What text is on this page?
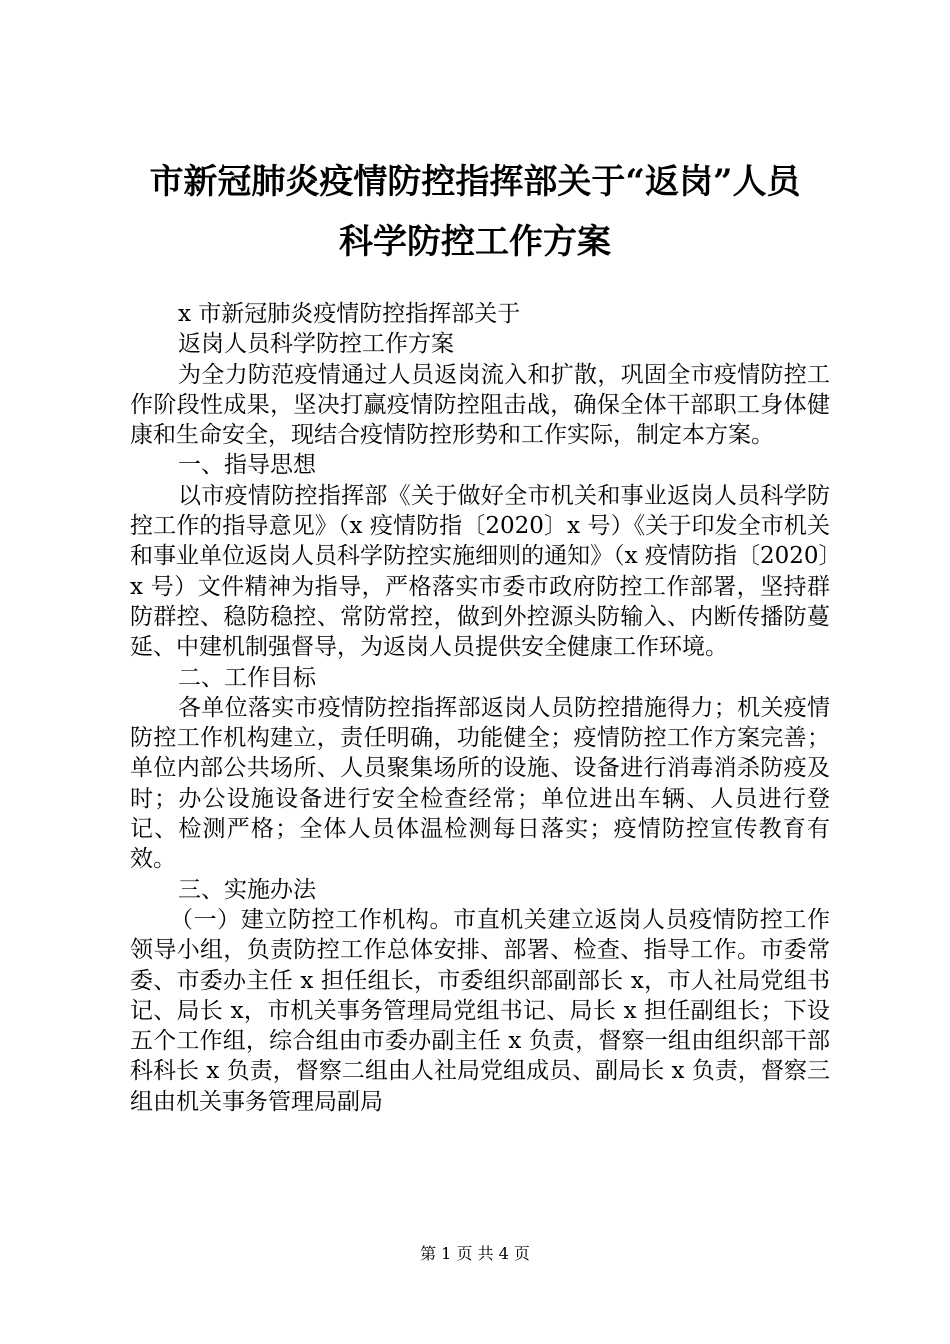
市新冠肺炎疫情防控指挥部关于“返岗”人员
科学防控工作方案

x 市新冠肺炎疫情防控指挥部关于

返岗人员科学防控工作方案

为全力防范疫情通过人员返岗流入和扩散，巩固全市疫情防控工作阶段性成果，坚决打赢疫情防控阻击战，确保全体干部职工身体健康和生命安全，现结合疫情防控形势和工作实际，制定本方案。

一、指导思想

以市疫情防控指挥部《关于做好全市机关和事业返岗人员科学防控工作的指导意见》（x 疫情防指〔2020〕x 号）《关于印发全市机关和事业单位返岗人员科学防控实施细则的通知》（x 疫情防指〔2020〕x 号）文件精神为指导，严格落实市委市政府防控工作部署，坚持群防群控、稳防稳控、常防常控，做到外控源头防输入、内断传播防蔓延、中建机制强督导，为返岗人员提供安全健康工作环境。

二、工作目标

各单位落实市疫情防控指挥部返岗人员防控措施得力；机关疫情防控工作机构建立，责任明确，功能健全；疫情防控工作方案完善；单位内部公共场所、人员聚集场所的设施、设备进行消毒消杀防疫及时；办公设施设备进行安全检查经常；单位进出车辆、人员进行登记、检测严格；全体人员体温检测每日落实；疫情防控宣传教育有效。

三、实施办法

（一）建立防控工作机构。市直机关建立返岗人员疫情防控工作领导小组，负责防控工作总体安排、部署、检查、指导工作。市委常委、市委办主任 x 担任组长，市委组织部副部长 x，市人社局党组书记、局长 x，市机关事务管理局党组书记、局长 x 担任副组长；下设五个工作组，综合组由市委办副主任 x 负责，督察一组由组织部干部科科长 x 负责，督察二组由人社局党组成员、副局长 x 负责，督察三组由机关事务管理局副局

第 1 页 共 4 页
